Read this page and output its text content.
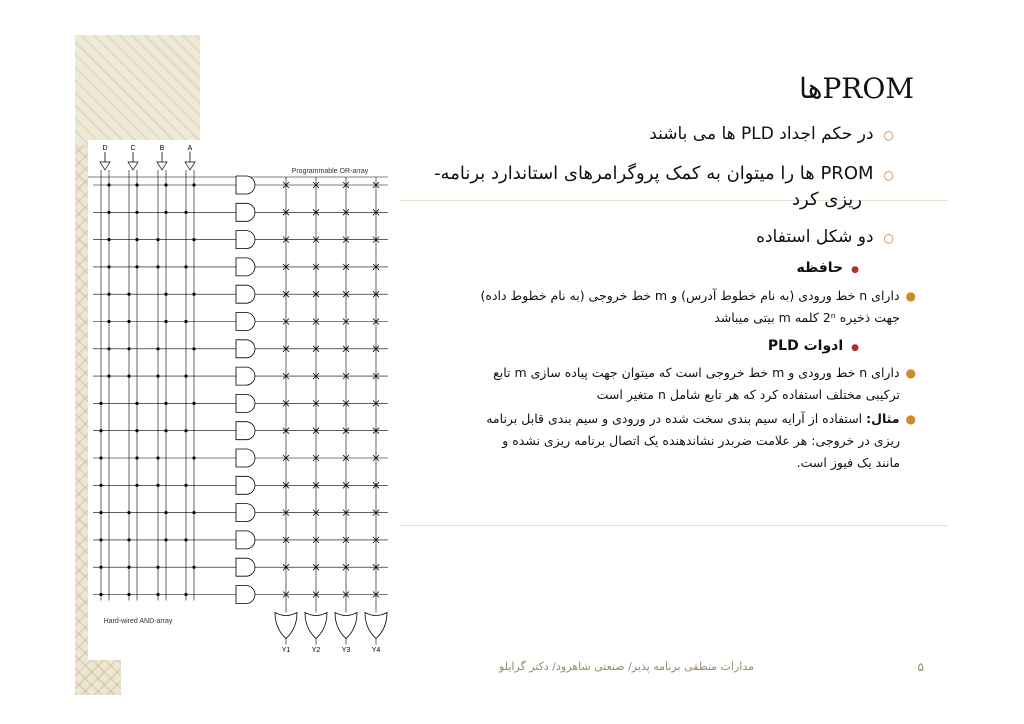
PROMها
○در حکم اجداد PLD ها می باشند
○PROM ها را میتوان به کمک پروگرامرهای استاندارد برنامه-
ریزی کرد
○دو شکل استفاده
●حافظه
●دارای n خط ورودی (به نام خطوط آدرس) و m خط خروجی (به نام خطوط داده)
جهت ذخیره 2ⁿ کلمه m بیتی میباشد
●ادوات PLD
●دارای n خط ورودی و m خط خروجی است که میتوان جهت پیاده سازی m تابع
ترکیبی مختلف استفاده کرد که هر تابع شامل n متغیر است
●مثال: استفاده از آرایه سیم بندی سخت شده در ورودی و سیم بندی قابل برنامه
ریزی در خروجی: هر علامت ضربدر نشاندهنده یک اتصال برنامه ریزی نشده و
مانند یک فیوز است.
D	C	B	A
Programmable OR-array
Hard-wired AND-array
Y1	Y2	Y3	Y4
مدارات منطقی برنامه پذیر/ صنعتی شاهرود/ دکتر گرایلو	۵
